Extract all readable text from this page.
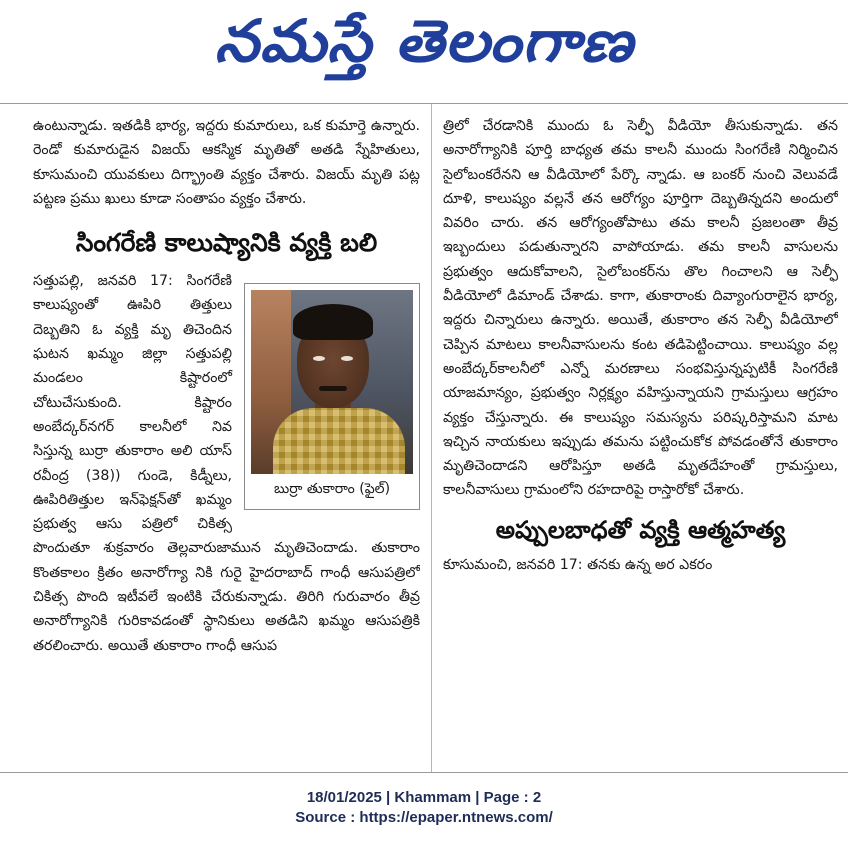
నమస్తే తెలంగాణ

ఉంటున్నాడు. ఇతడికి భార్య, ఇద్దరు కుమారులు, ఒక కుమార్తె ఉన్నారు. రెండో కుమారుడైన విజయ్ ఆకస్మిక మృతితో అతడి స్నేహితులు, కూసుమంచి యువకులు దిగ్భ్రాంతి వ్యక్తం చేశారు. విజయ్ మృతి పట్ల పట్టణ ప్రము ఖులు కూడా సంతాపం వ్యక్తం చేశారు.

సింగరేణి కాలుష్యానికి వ్యక్తి బలి
బుర్రా తుకారాం (ఫైల్)

సత్తుపల్లి, జనవరి 17: సింగరేణి కాలుష్యంతో ఊపిరి తిత్తులు దెబ్బతిని ఓ వ్యక్తి మృ తిచెందిన ఘటన ఖమ్మం జిల్లా సత్తుపల్లి మండలం కిష్టారంలో చోటుచేసుకుంది. కిష్టారం అంబేద్కర్‌నగర్ కాలనీలో నివ సిస్తున్న బుర్రా తుకారాం అలి యాస్ రవీంద్ర (38)) గుండె, కిడ్నీలు, ఊపిరితిత్తుల ఇన్‌ఫెక్షన్‌తో ఖమ్మం ప్రభుత్వ ఆసు పత్రిలో చికిత్స పొందుతూ శుక్రవారం తెల్లవారుజామున మృతిచెందాడు. తుకారాం కొంతకాలం క్రితం అనారోగ్యా నికి గురై హైదరాబాద్ గాంధీ ఆసుపత్రిలో చికిత్స పొంది ఇటీవలే ఇంటికి చేరుకున్నాడు. తిరిగి గురువారం తీవ్ర అనారోగ్యానికి గురికావడంతో స్థానికులు అతడిని ఖమ్మం ఆసుపత్రికి తరలించారు. అయితే తుకారాం గాంధీ ఆసుప

త్రిలో చేరడానికి ముందు ఓ సెల్ఫీ వీడియో తీసుకున్నాడు. తన అనారోగ్యానికి పూర్తి బాధ్యత తమ కాలనీ ముందు సింగరేణి నిర్మించిన సైలోబంకరేనని ఆ వీడియోలో పేర్కొ న్నాడు. ఆ బంకర్ నుంచి వెలువడే దూళి, కాలుష్యం వల్లనే తన ఆరోగ్యం పూర్తిగా దెబ్బతిన్నదని అందులో వివరిం చారు. తన ఆరోగ్యంతోపాటు తమ కాలనీ ప్రజలంతా తీవ్ర ఇబ్బందులు పడుతున్నారని వాపోయాడు. తమ కాలనీ వాసులను ప్రభుత్వం ఆదుకోవాలని, సైలోబంకర్‌ను తొల గించాలని ఆ సెల్ఫీ వీడియోలో డిమాండ్ చేశాడు. కాగా, తుకారాంకు దివ్యాంగురాలైన భార్య, ఇద్దరు చిన్నారులు ఉన్నారు. అయితే, తుకారాం తన సెల్ఫీ వీడియోలో చెప్పిన మాటలు కాలనీవాసులను కంట తడిపెట్టించాయి. కాలుష్యం వల్ల అంబేద్కర్‌కాలనీలో ఎన్నో మరణాలు సంభవిస్తున్నప్పటికీ సింగరేణి యాజమాన్యం, ప్రభుత్వం నిర్లక్ష్యం వహిస్తున్నాయని గ్రామస్తులు ఆగ్రహం వ్యక్తం చేస్తున్నారు. ఈ కాలుష్యం సమస్యను పరిష్కరిస్తామని మాట ఇచ్చిన నాయకులు ఇప్పుడు తమను పట్టించుకోక పోవడంతోనే తుకారాం మృతిచెందాడని ఆరోపిస్తూ అతడి మృతదేహంతో గ్రామస్తులు, కాలనీవాసులు గ్రామంలోని రహదారిపై రాస్తారోకో చేశారు.

అప్పులబాధతో వ్యక్తి ఆత్మహత్య

కూసుమంచి, జనవరి 17: తనకు ఉన్న అర ఎకరం

18/01/2025 | Khammam | Page : 2
Source : https://epaper.ntnews.com/
